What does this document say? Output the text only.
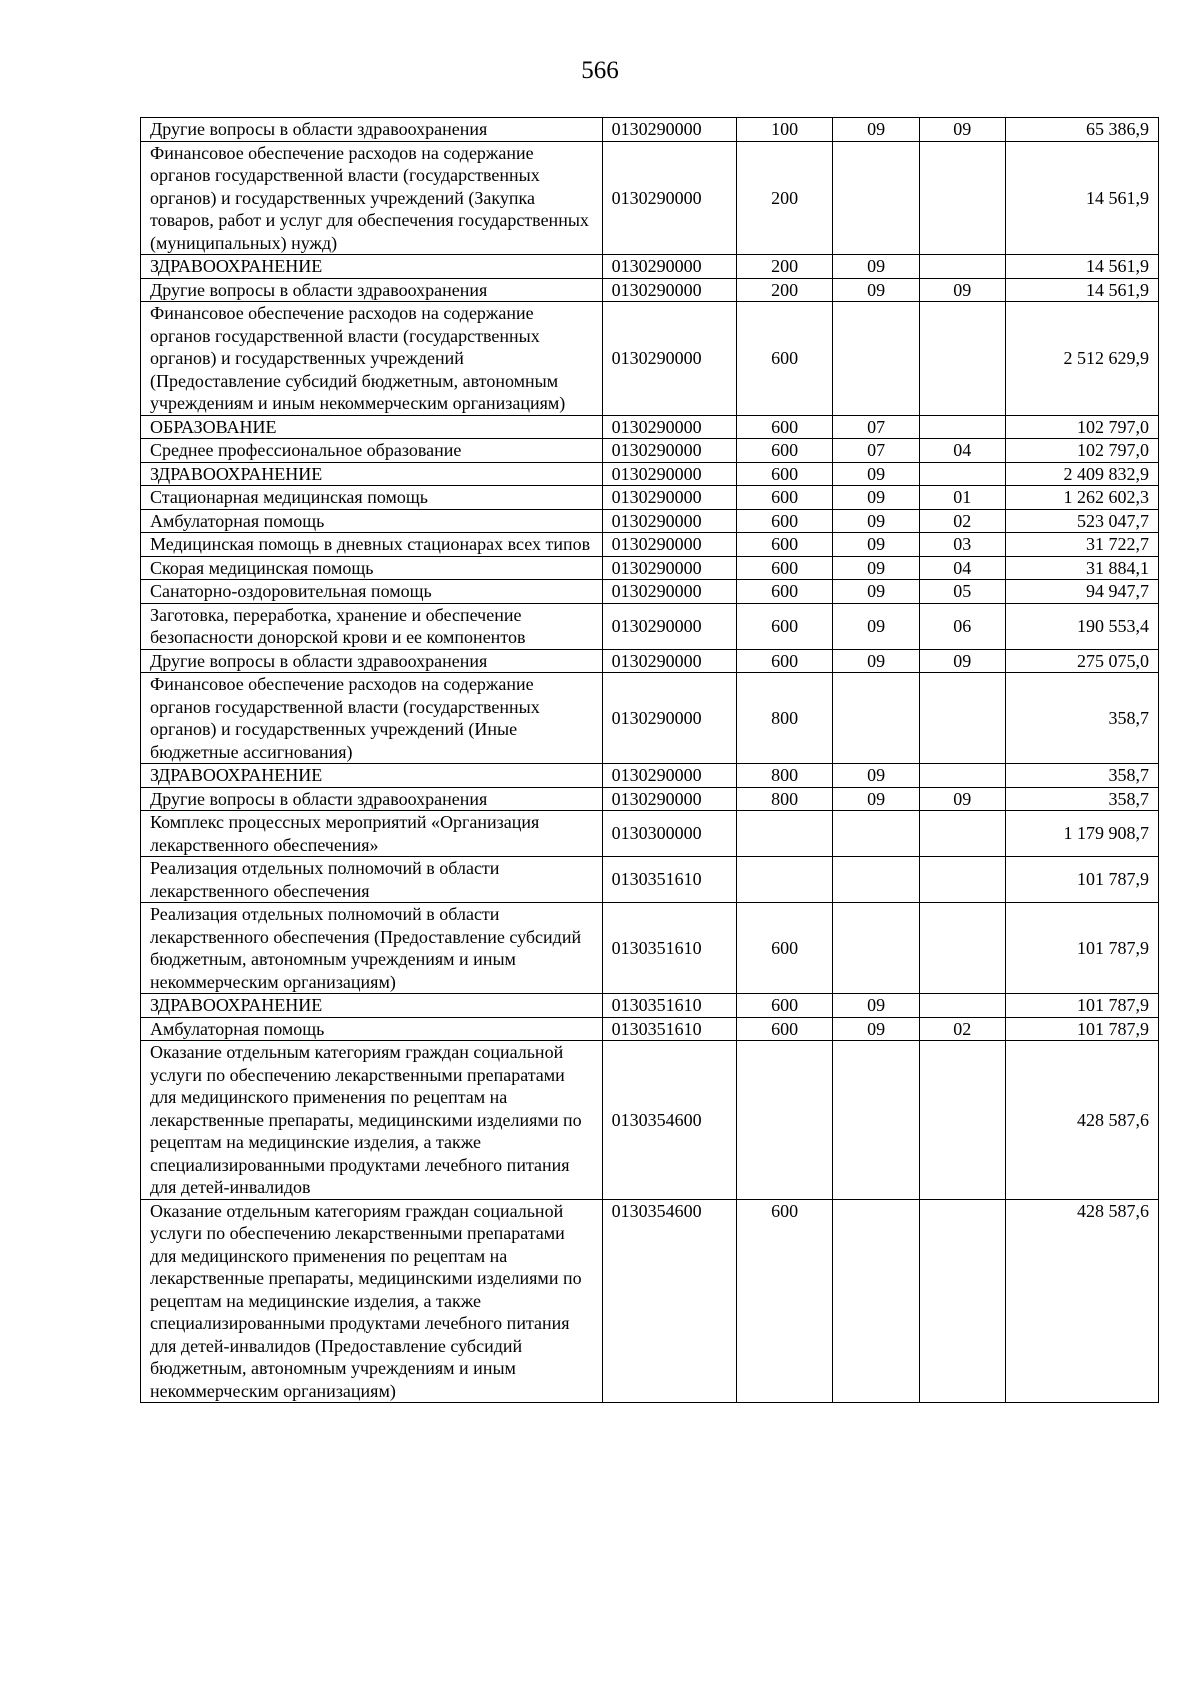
566
Другие вопросы в области здравоохранения	0130290000	100	09	09	65 386,9
Финансовое обеспечение расходов на содержание органов государственной власти (государственных органов) и государственных учреждений (Закупка товаров, работ и услуг для обеспечения государственных (муниципальных) нужд)	0130290000	200			14 561,9
ЗДРАВООХРАНЕНИЕ	0130290000	200	09		14 561,9
Другие вопросы в области здравоохранения	0130290000	200	09	09	14 561,9
Финансовое обеспечение расходов на содержание органов государственной власти (государственных органов) и государственных учреждений (Предоставление субсидий бюджетным, автономным учреждениям и иным некоммерческим организациям)	0130290000	600			2 512 629,9
ОБРАЗОВАНИЕ	0130290000	600	07		102 797,0
Среднее профессиональное образование	0130290000	600	07	04	102 797,0
ЗДРАВООХРАНЕНИЕ	0130290000	600	09		2 409 832,9
Стационарная медицинская помощь	0130290000	600	09	01	1 262 602,3
Амбулаторная помощь	0130290000	600	09	02	523 047,7
Медицинская помощь в дневных стационарах всех типов	0130290000	600	09	03	31 722,7
Скорая медицинская помощь	0130290000	600	09	04	31 884,1
Санаторно-оздоровительная помощь	0130290000	600	09	05	94 947,7
Заготовка, переработка, хранение и обеспечение безопасности донорской крови и ее компонентов	0130290000	600	09	06	190 553,4
Другие вопросы в области здравоохранения	0130290000	600	09	09	275 075,0
Финансовое обеспечение расходов на содержание органов государственной власти (государственных органов) и государственных учреждений (Иные бюджетные ассигнования)	0130290000	800			358,7
ЗДРАВООХРАНЕНИЕ	0130290000	800	09		358,7
Другие вопросы в области здравоохранения	0130290000	800	09	09	358,7
Комплекс процессных мероприятий «Организация лекарственного обеспечения»	0130300000				1 179 908,7
Реализация отдельных полномочий в области лекарственного обеспечения	0130351610				101 787,9
Реализация отдельных полномочий в области лекарственного обеспечения (Предоставление субсидий бюджетным, автономным учреждениям и иным некоммерческим организациям)	0130351610	600			101 787,9
ЗДРАВООХРАНЕНИЕ	0130351610	600	09		101 787,9
Амбулаторная помощь	0130351610	600	09	02	101 787,9
Оказание отдельным категориям граждан социальной услуги по обеспечению лекарственными препаратами для медицинского применения по рецептам на лекарственные препараты, медицинскими изделиями по рецептам на медицинские изделия, а также специализированными продуктами лечебного питания для детей-инвалидов	0130354600				428 587,6
Оказание отдельным категориям граждан социальной услуги по обеспечению лекарственными препаратами для медицинского применения по рецептам на лекарственные препараты, медицинскими изделиями по рецептам на медицинские изделия, а также специализированными продуктами лечебного питания для детей-инвалидов (Предоставление субсидий бюджетным, автономным учреждениям и иным некоммерческим организациям)	0130354600	600			428 587,6
